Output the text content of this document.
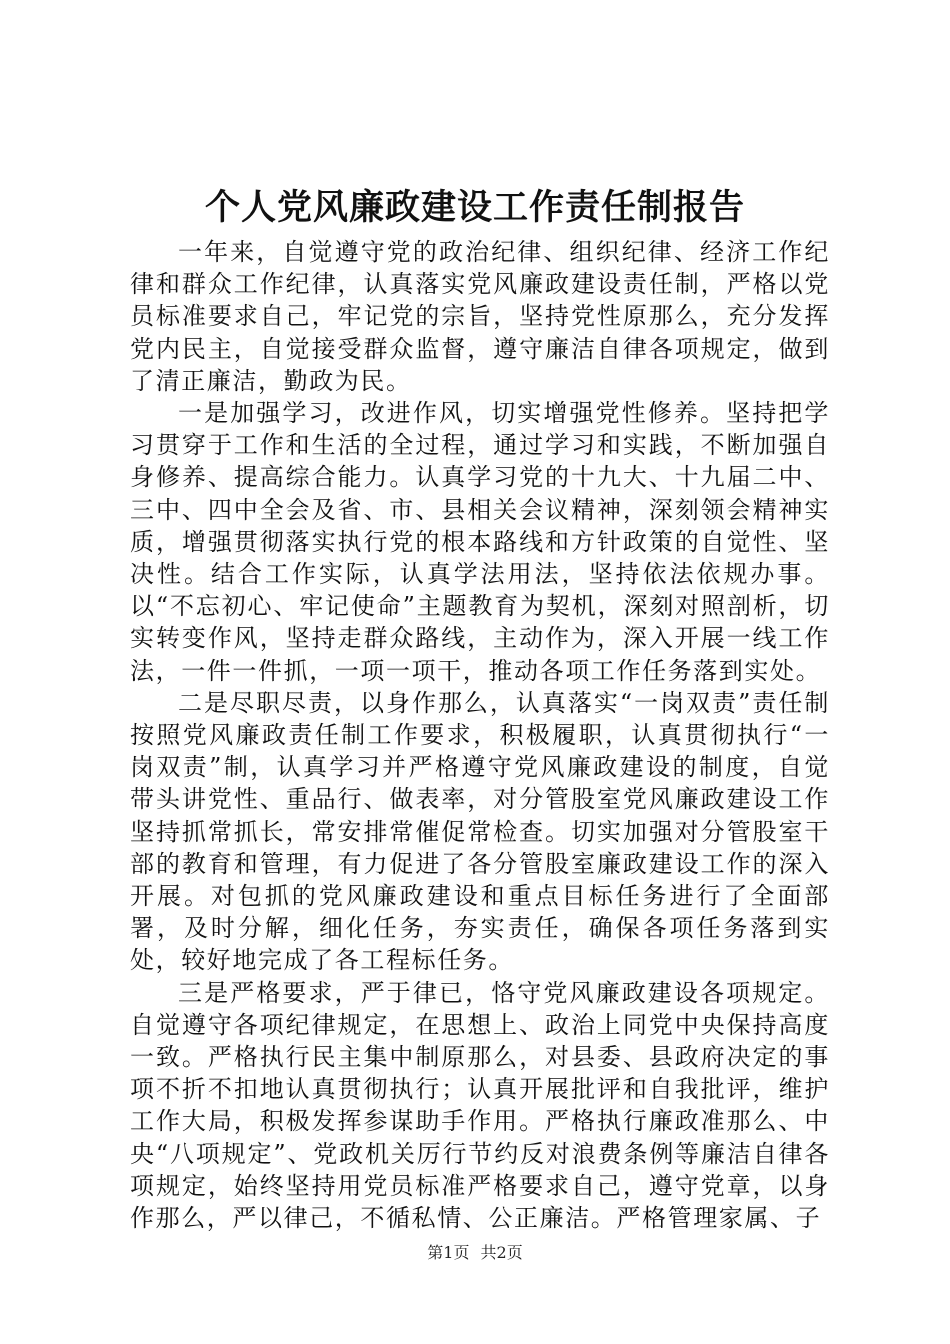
个人党风廉政建设工作责任制报告

一年来，自觉遵守党的政治纪律、组织纪律、经济工作纪律和群众工作纪律，认真落实党风廉政建设责任制，严格以党员标准要求自己，牢记党的宗旨，坚持党性原那么，充分发挥党内民主，自觉接受群众监督，遵守廉洁自律各项规定，做到了清正廉洁，勤政为民。

一是加强学习，改进作风，切实增强党性修养。坚持把学习贯穿于工作和生活的全过程，通过学习和实践，不断加强自身修养、提高综合能力。认真学习党的十九大、十九届二中、三中、四中全会及省、市、县相关会议精神，深刻领会精神实质，增强贯彻落实执行党的根本路线和方针政策的自觉性、坚决性。结合工作实际，认真学法用法，坚持依法依规办事。以“不忘初心、牢记使命”主题教育为契机，深刻对照剖析，切实转变作风，坚持走群众路线，主动作为，深入开展一线工作法，一件一件抓，一项一项干，推动各项工作任务落到实处。

二是尽职尽责，以身作那么，认真落实“一岗双责”责任制按照党风廉政责任制工作要求，积极履职，认真贯彻执行“一岗双责”制，认真学习并严格遵守党风廉政建设的制度，自觉带头讲党性、重品行、做表率，对分管股室党风廉政建设工作坚持抓常抓长，常安排常催促常检查。切实加强对分管股室干部的教育和管理，有力促进了各分管股室廉政建设工作的深入开展。对包抓的党风廉政建设和重点目标任务进行了全面部署，及时分解，细化任务，夯实责任，确保各项任务落到实处，较好地完成了各工程标任务。

三是严格要求，严于律已，恪守党风廉政建设各项规定。自觉遵守各项纪律规定，在思想上、政治上同党中央保持高度一致。严格执行民主集中制原那么，对县委、县政府决定的事项不折不扣地认真贯彻执行；认真开展批评和自我批评，维护工作大局，积极发挥参谋助手作用。严格执行廉政准那么、中央“八项规定”、党政机关厉行节约反对浪费条例等廉洁自律各项规定，始终坚持用党员标准严格要求自己，遵守党章，以身作那么，严以律己，不循私情、公正廉洁。严格管理家属、子

第1页 共2页
